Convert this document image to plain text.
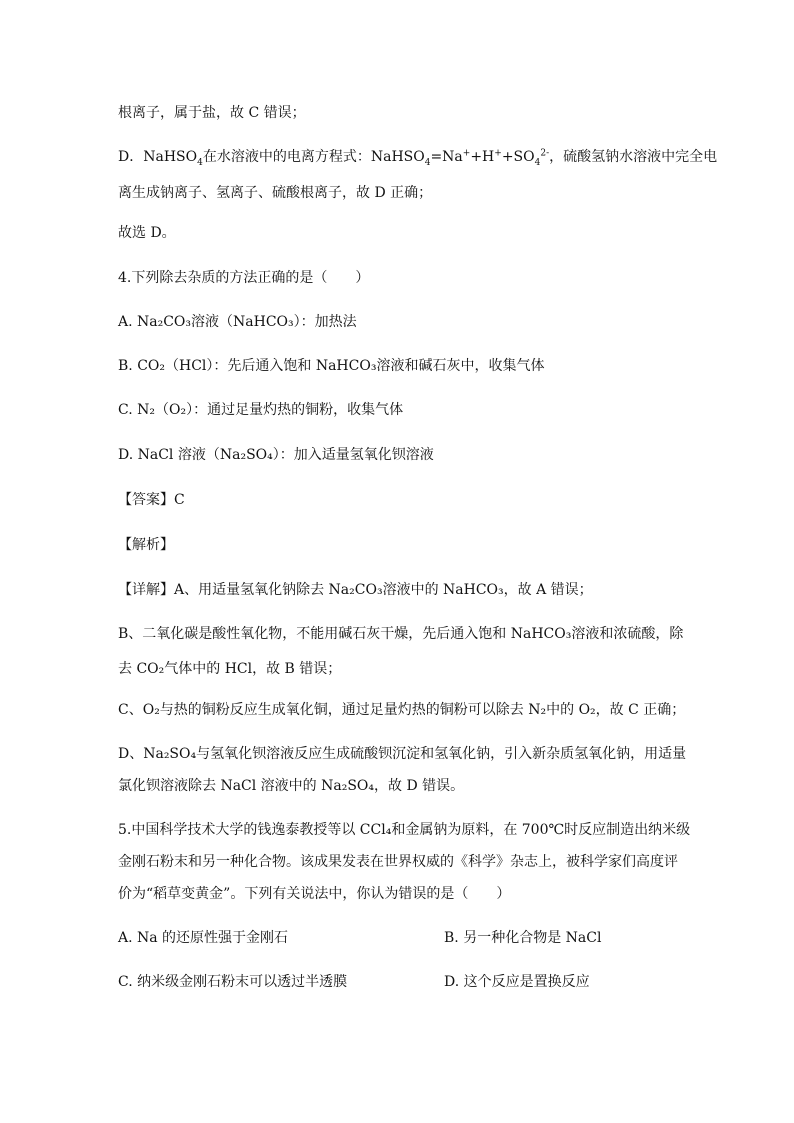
根离子，属于盐，故 C 错误；
D．NaHSO$_4$在水溶液中的电离方程式：$NaHSO_4=Na^++H^++SO_4^{2-}$，硫酸氢钠水溶液中完全电
离生成钠离子、氢离子、硫酸根离子，故 D 正确；
故选 D。
4.下列除去杂质的方法正确的是（　　）
A. Na₂CO₃溶液（NaHCO₃）：加热法
B. CO₂（HCl）：先后通入饱和 NaHCO₃溶液和碱石灰中，收集气体
C. N₂（O₂）：通过足量灼热的铜粉，收集气体
D. NaCl 溶液（Na₂SO₄）：加入适量氢氧化钡溶液
【答案】C
【解析】
【详解】A、用适量氢氧化钠除去 Na₂CO₃溶液中的 NaHCO₃，故 A 错误；
B、二氧化碳是酸性氧化物，不能用碱石灰干燥，先后通入饱和 NaHCO₃溶液和浓硫酸，除
去 CO₂气体中的 HCl，故 B 错误；
C、O₂与热的铜粉反应生成氧化铜，通过足量灼热的铜粉可以除去 N₂中的 O₂，故 C 正确；
D、Na₂SO₄与氢氧化钡溶液反应生成硫酸钡沉淀和氢氧化钠，引入新杂质氢氧化钠，用适量
氯化钡溶液除去 NaCl 溶液中的 Na₂SO₄，故 D 错误。
5.中国科学技术大学的钱逸泰教授等以 CCl₄和金属钠为原料，在 700℃时反应制造出纳米级
金刚石粉末和另一种化合物。该成果发表在世界权威的《科学》杂志上，被科学家们高度评
价为“稻草变黄金”。下列有关说法中，你认为错误的是（　　）
A. Na 的还原性强于金刚石	B. 另一种化合物是 NaCl
C. 纳米级金刚石粉末可以透过半透膜	D. 这个反应是置换反应
